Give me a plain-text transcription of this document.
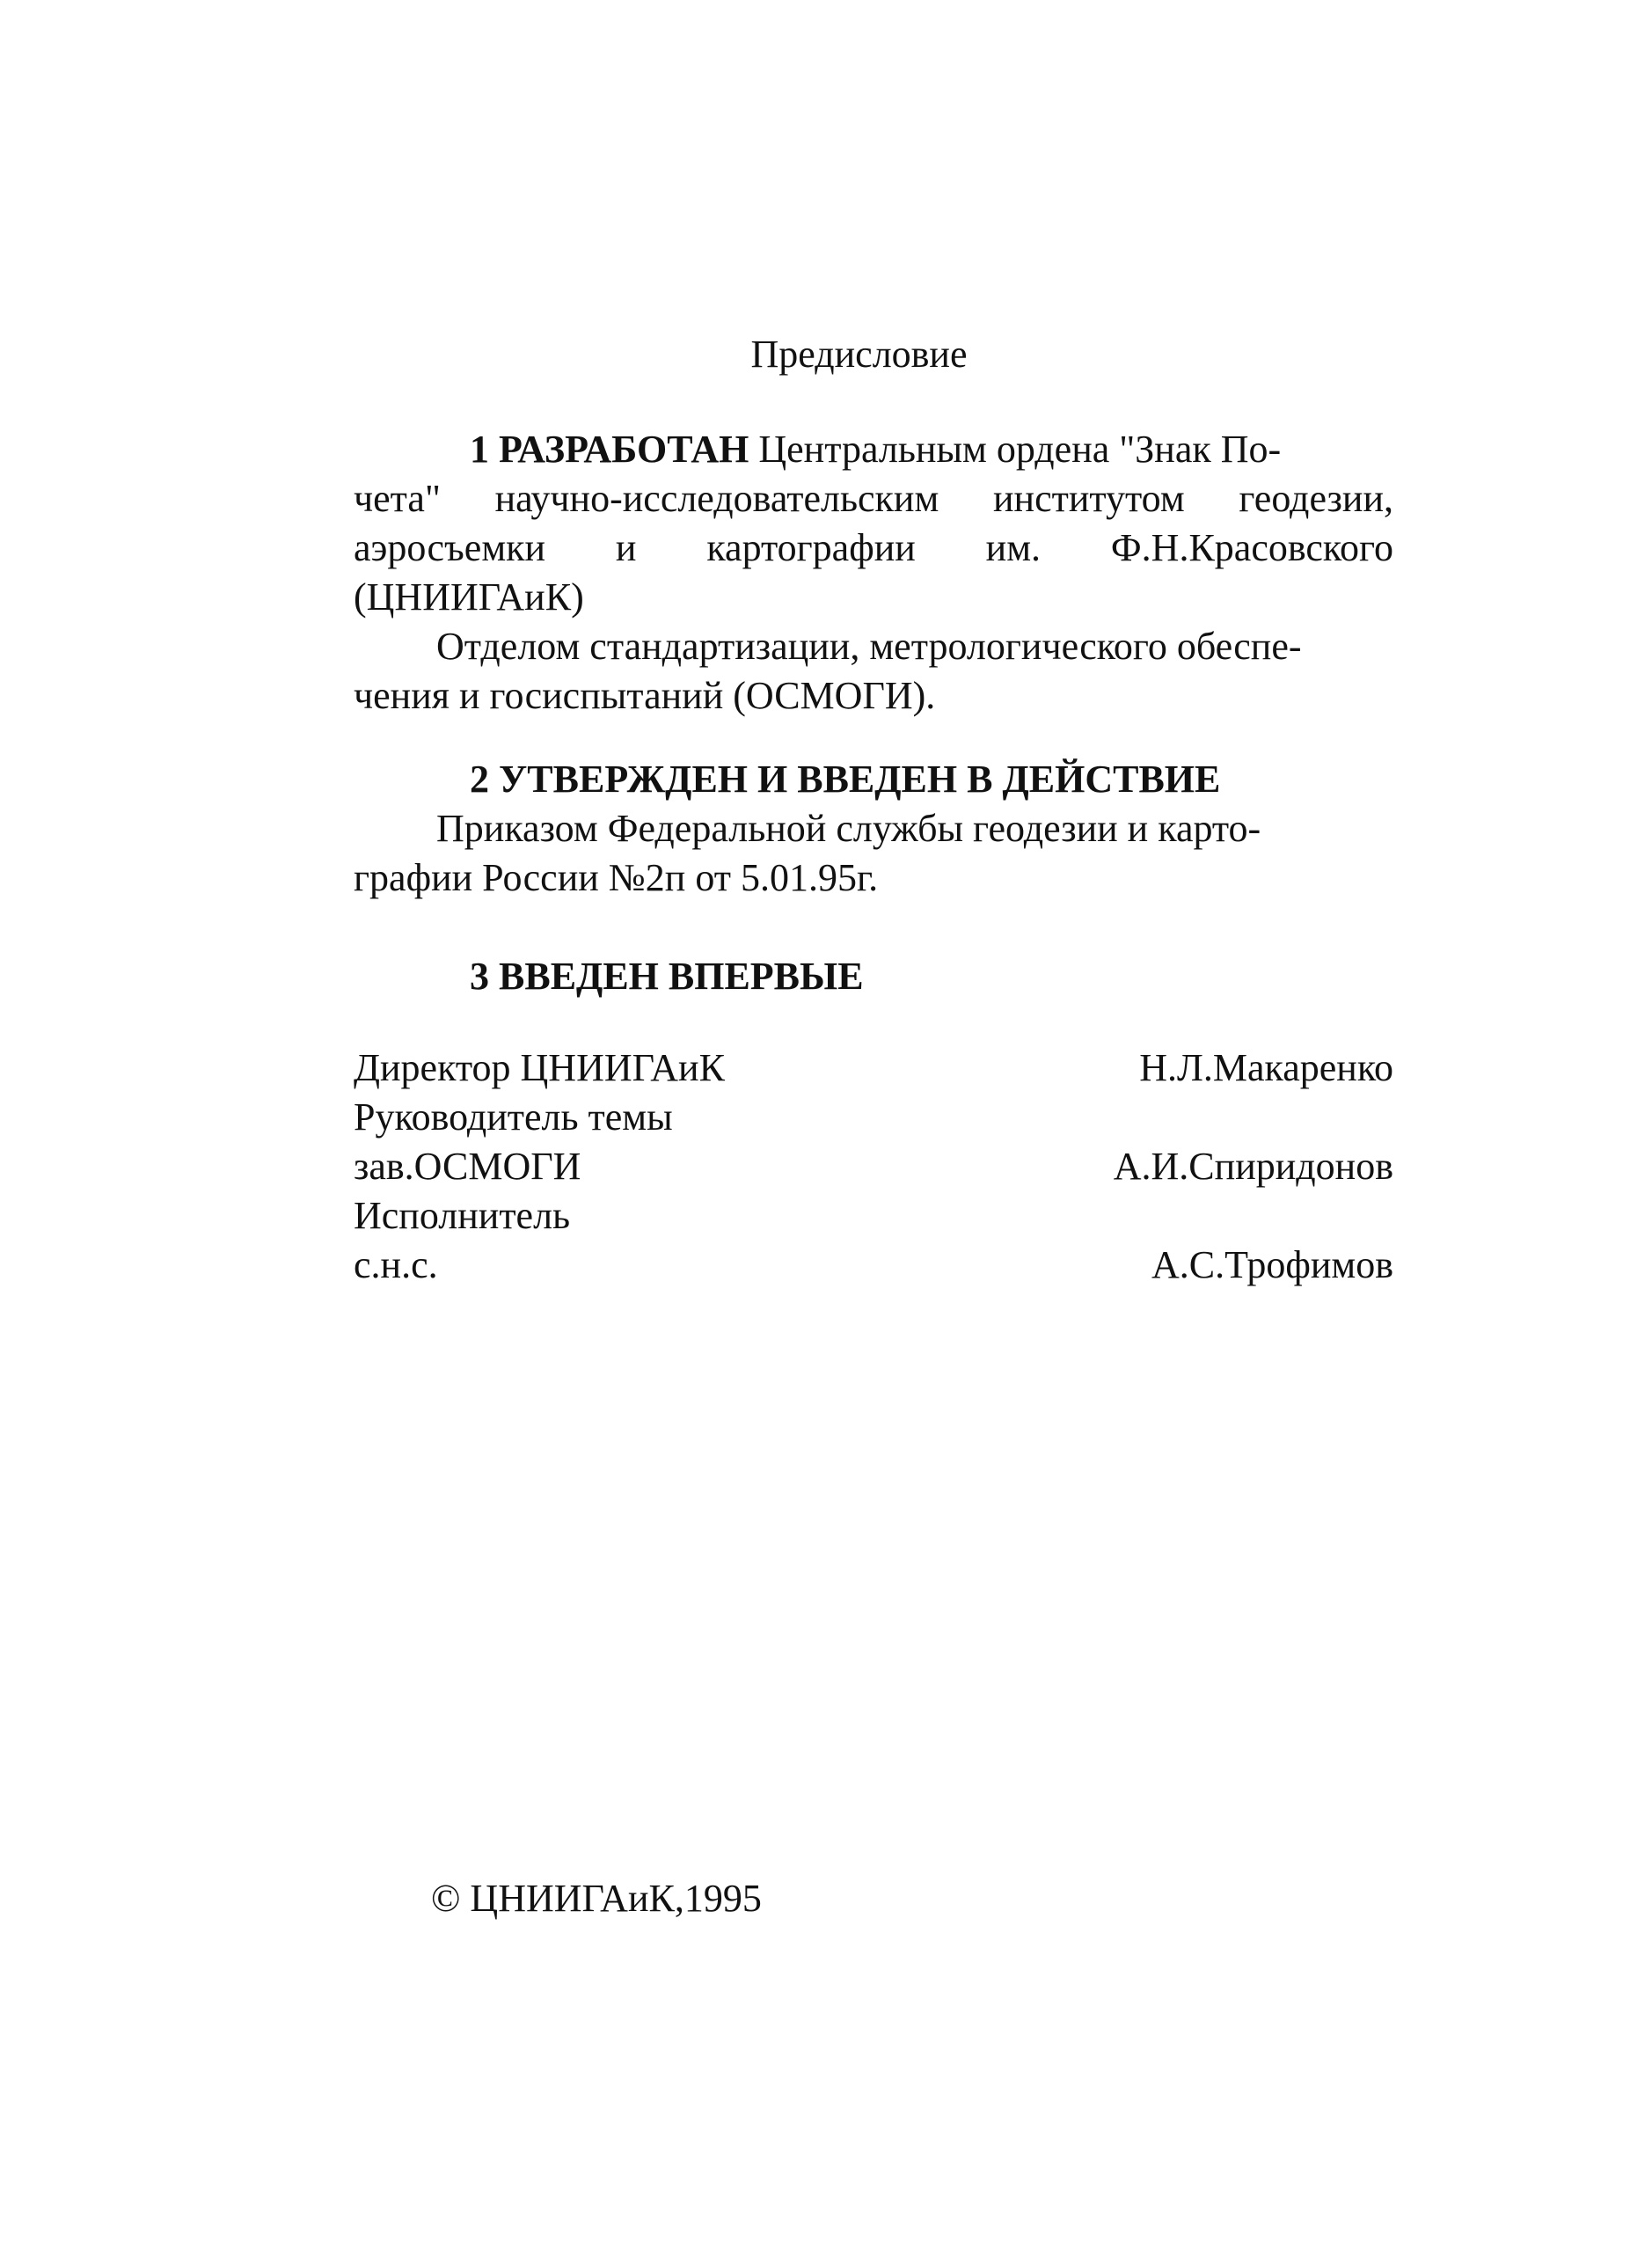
Предисловие
1 РАЗРАБОТАН Центральным ордена "Знак По-
чета" научно-исследовательским институтом геодезии,
аэросъемки и картографии им. Ф.Н.Красовского
(ЦНИИГАиК)
Отделом стандартизации, метрологического обеспе-
чения и госиспытаний (ОСМОГИ).
2 УТВЕРЖДЕН И ВВЕДЕН В ДЕЙСТВИЕ
Приказом Федеральной службы геодезии и карто-
графии России №2п от 5.01.95г.
3 ВВЕДЕН ВПЕРВЫЕ
Директор ЦНИИГАиК	Н.Л.Макаренко
Руководитель темы
зав.ОСМОГИ	А.И.Спиридонов
Исполнитель
с.н.с.	А.С.Трофимов
© ЦНИИГАиК,1995
